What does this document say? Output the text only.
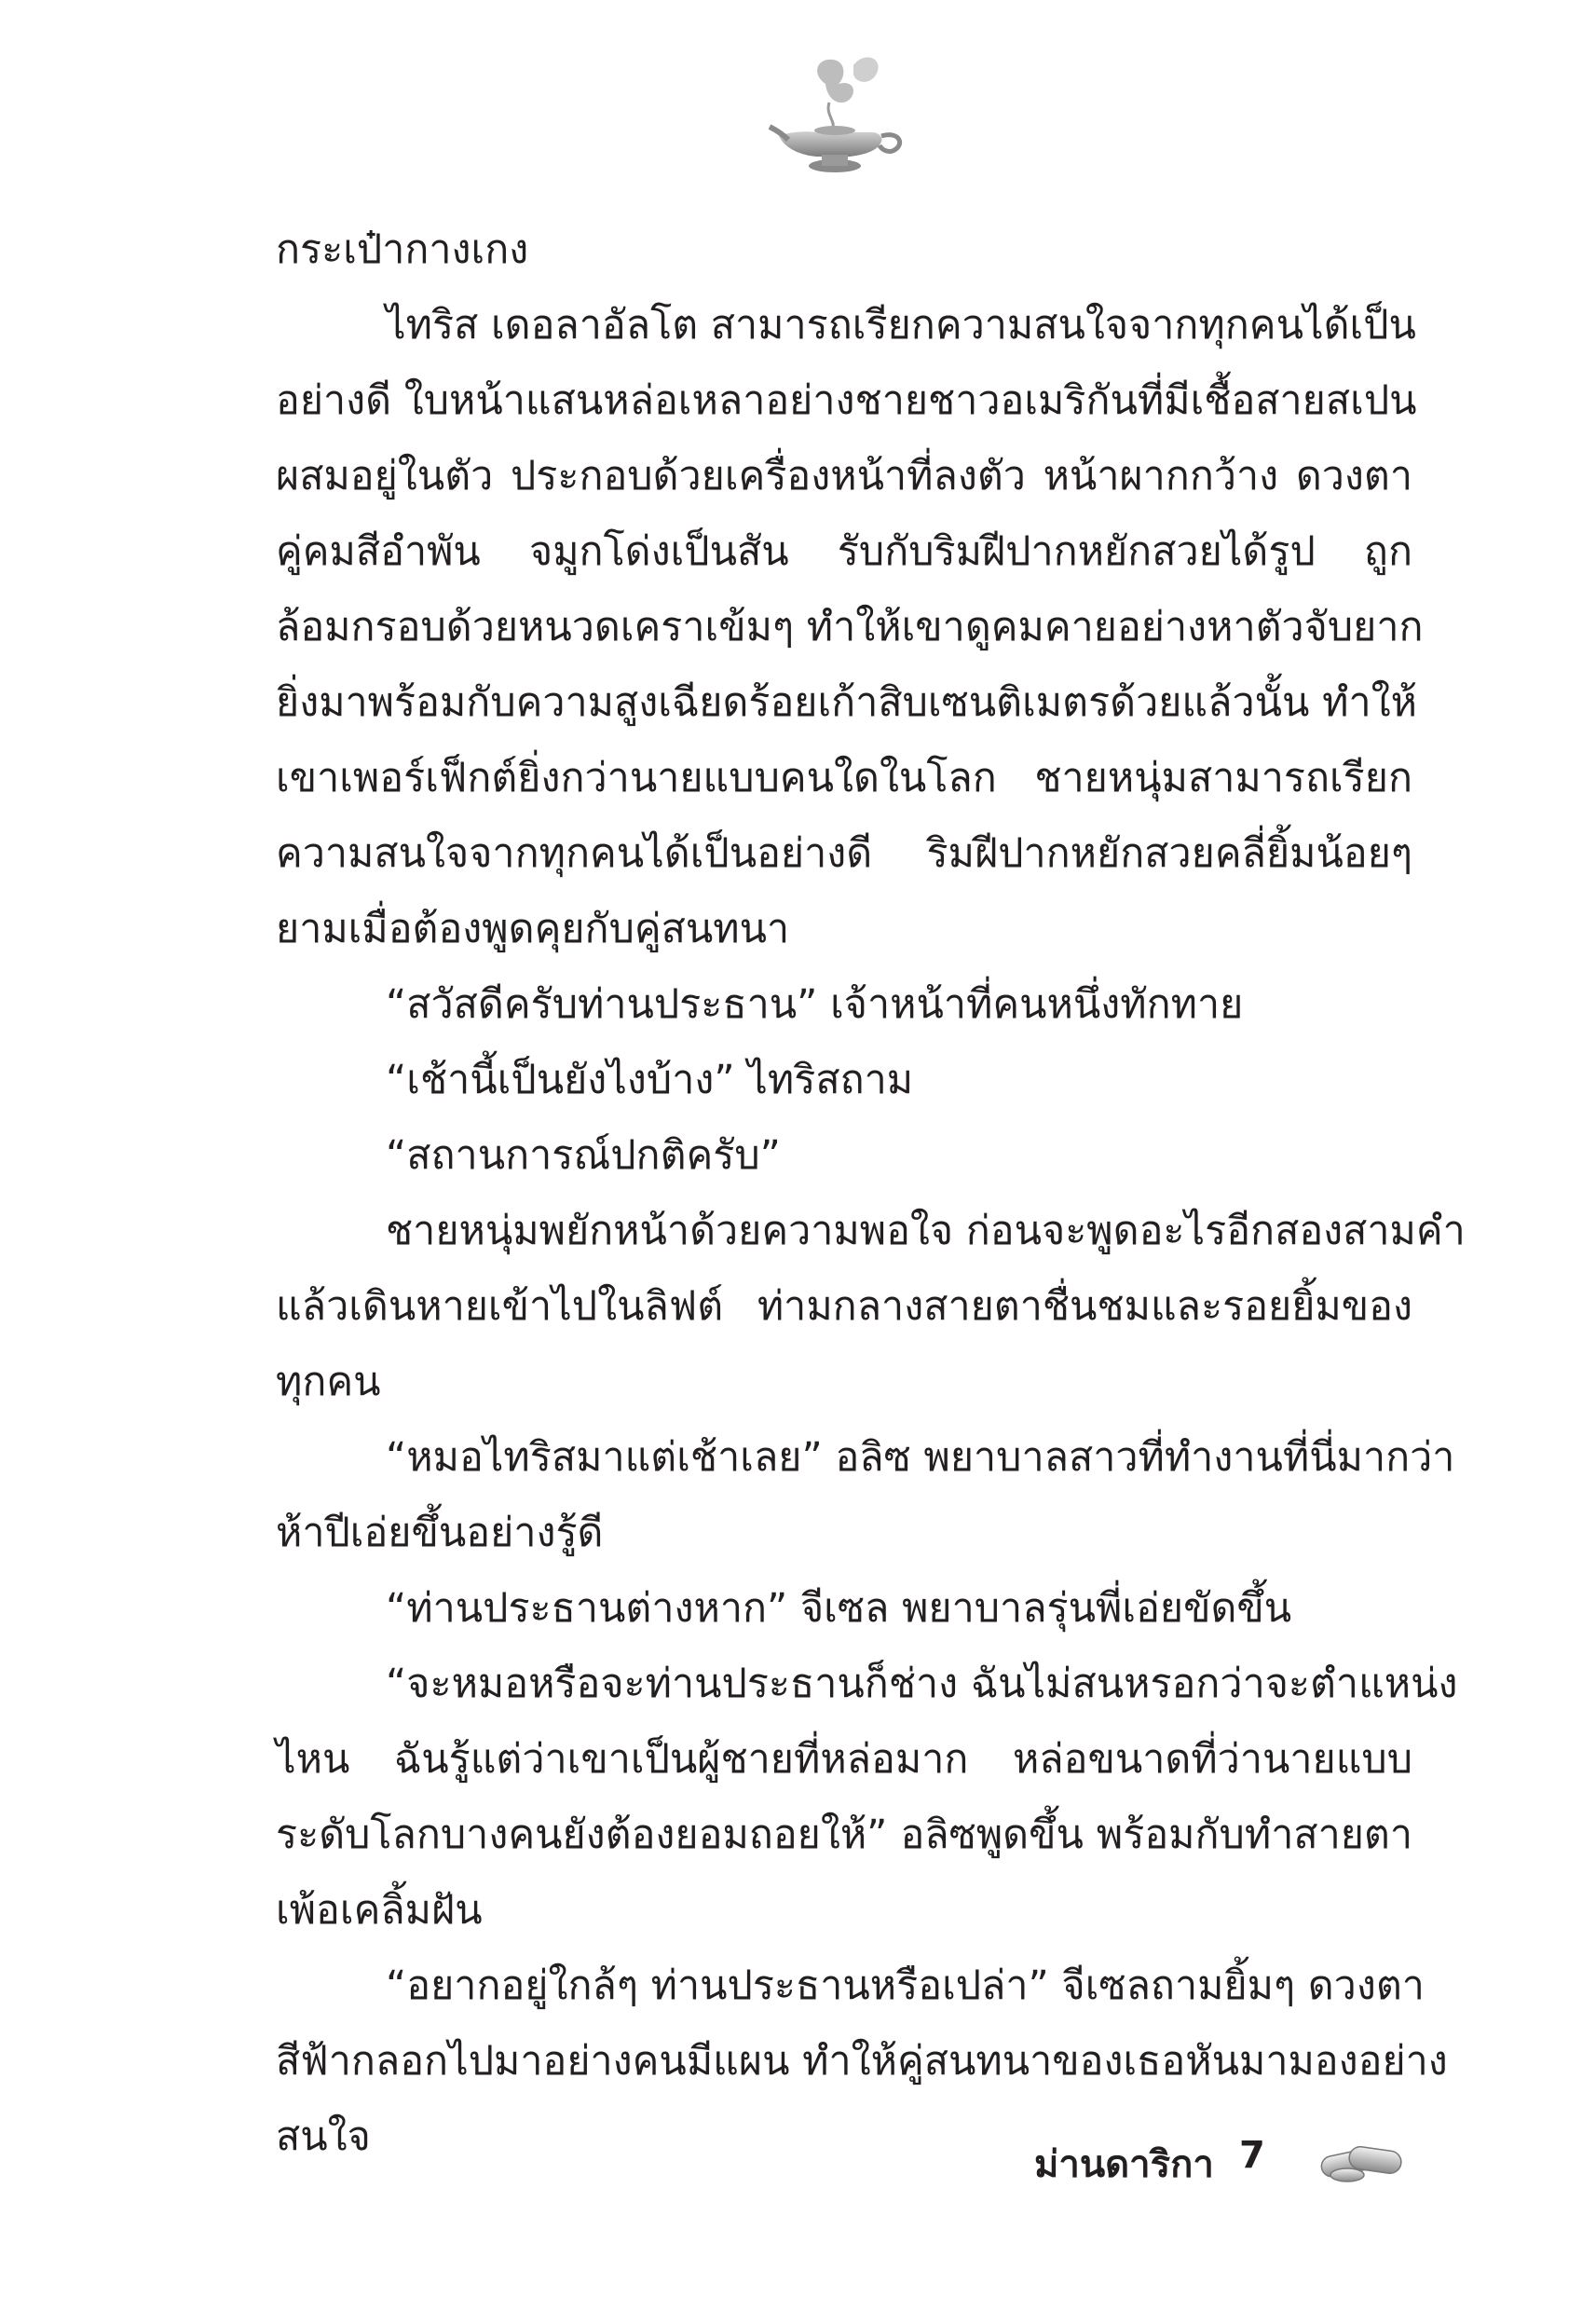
กระเป๋ากางเกง
ไทริส เดอลาอัลโต สามารถเรียกความสนใจจากทุกคนได้เป็น
อย่างดี ใบหน้าแสนหล่อเหลาอย่างชายชาวอเมริกันที่มีเชื้อสายสเปน
ผสมอยู่ในตัว ประกอบด้วยเครื่องหน้าที่ลงตัว หน้าผากกว้าง ดวงตา
คู่คมสีอำพัน จมูกโด่งเป็นสัน รับกับริมฝีปากหยักสวยได้รูป ถูก
ล้อมกรอบด้วยหนวดเคราเข้มๆ ทำให้เขาดูคมคายอย่างหาตัวจับยาก
ยิ่งมาพร้อมกับความสูงเฉียดร้อยเก้าสิบเซนติเมตรด้วยแล้วนั้น ทำให้
เขาเพอร์เฟ็กต์ยิ่งกว่านายแบบคนใดในโลก ชายหนุ่มสามารถเรียก
ความสนใจจากทุกคนได้เป็นอย่างดี ริมฝีปากหยักสวยคลี่ยิ้มน้อยๆ
ยามเมื่อต้องพูดคุยกับคู่สนทนา
“สวัสดีครับท่านประธาน” เจ้าหน้าที่คนหนึ่งทักทาย
“เช้านี้เป็นยังไงบ้าง” ไทริสถาม
“สถานการณ์ปกติครับ”
ชายหนุ่มพยักหน้าด้วยความพอใจ ก่อนจะพูดอะไรอีกสองสามคำ
แล้วเดินหายเข้าไปในลิฟต์ ท่ามกลางสายตาชื่นชมและรอยยิ้มของ
ทุกคน
“หมอไทริสมาแต่เช้าเลย” อลิซ พยาบาลสาวที่ทำงานที่นี่มากว่า
ห้าปีเอ่ยขึ้นอย่างรู้ดี
“ท่านประธานต่างหาก” จีเซล พยาบาลรุ่นพี่เอ่ยขัดขึ้น
“จะหมอหรือจะท่านประธานก็ช่าง ฉันไม่สนหรอกว่าจะตำแหน่ง
ไหน ฉันรู้แต่ว่าเขาเป็นผู้ชายที่หล่อมาก หล่อขนาดที่ว่านายแบบ
ระดับโลกบางคนยังต้องยอมถอยให้” อลิซพูดขึ้น พร้อมกับทำสายตา
เพ้อเคลิ้มฝัน
“อยากอยู่ใกล้ๆ ท่านประธานหรือเปล่า” จีเซลถามยิ้มๆ ดวงตา
สีฟ้ากลอกไปมาอย่างคนมีแผน ทำให้คู่สนทนาของเธอหันมามองอย่าง
สนใจ
ม่านดาริกา 7
